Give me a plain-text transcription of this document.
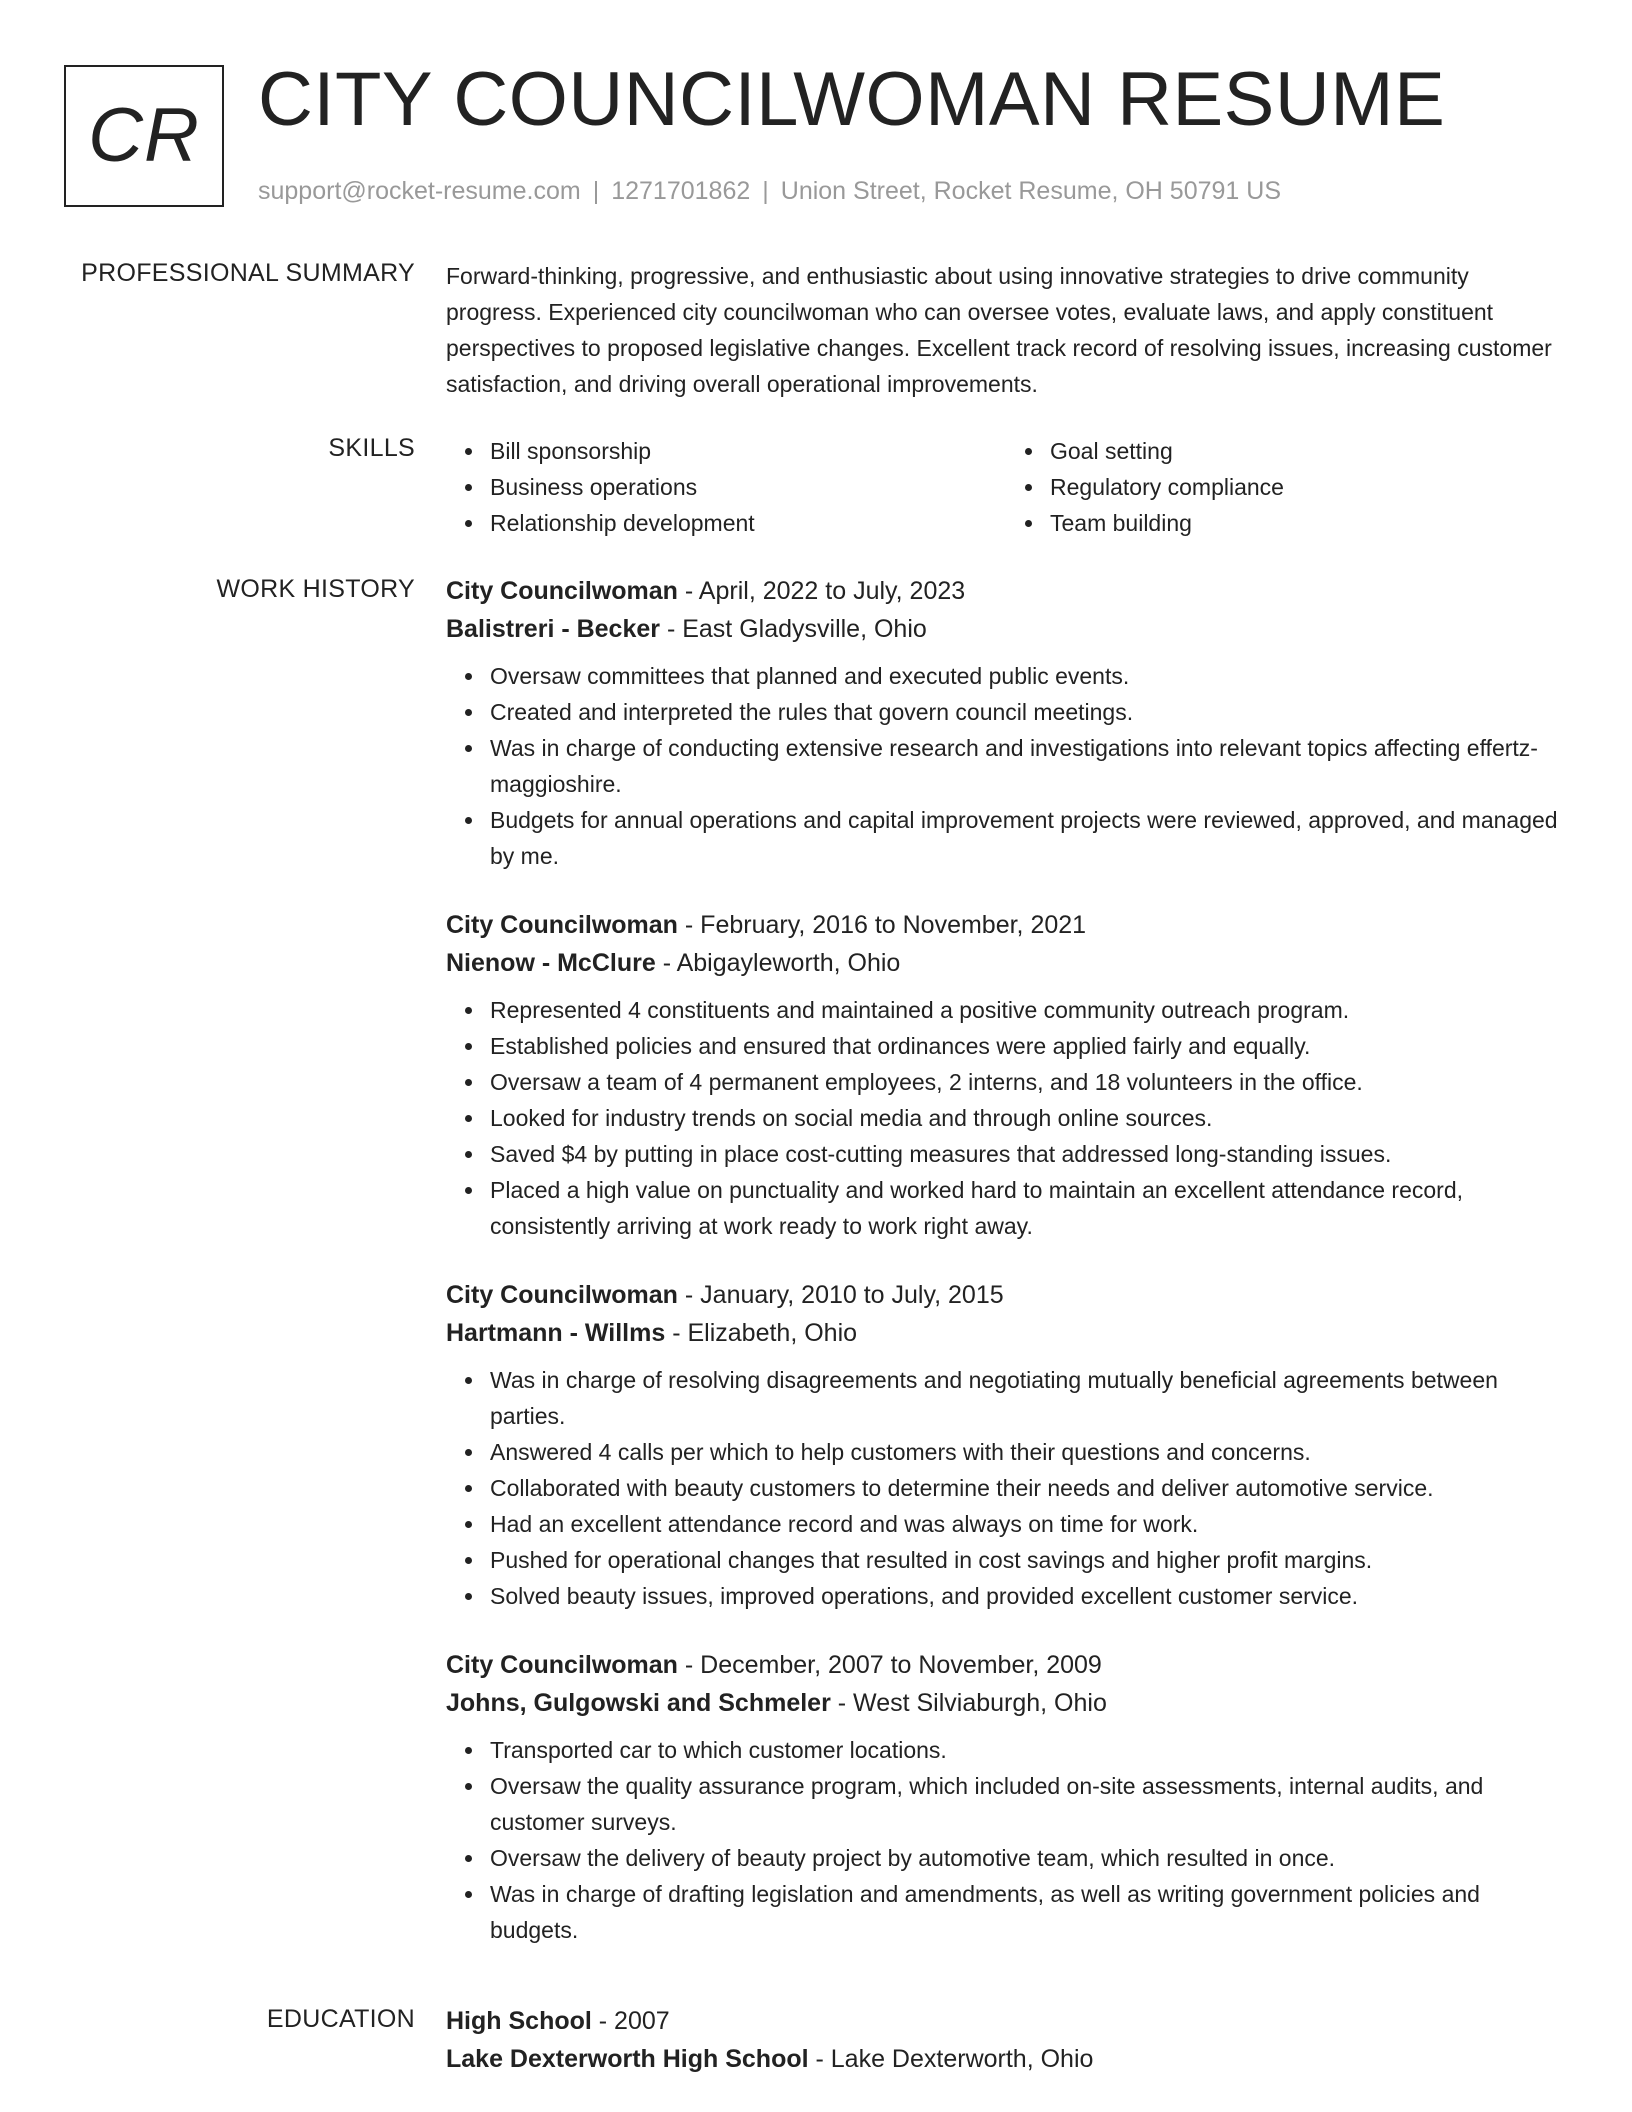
CR CITY COUNCILWOMAN RESUME
support@rocket-resume.com | 1271701862 | Union Street, Rocket Resume, OH 50791 US
PROFESSIONAL SUMMARY Forward-thinking, progressive, and enthusiastic about using innovative strategies to drive community progress. Experienced city councilwoman who can oversee votes, evaluate laws, and apply constituent perspectives to proposed legislative changes. Excellent track record of resolving issues, increasing customer satisfaction, and driving overall operational improvements.

SKILLS	Bill sponsorship
Business operations
Relationship development
Goal setting
Regulatory compliance
Team building
WORK HISTORY City Councilwoman - April, 2022 to July, 2023
Balistreri - Becker - East Gladysville, Ohio
Oversaw committees that planned and executed public events.
Created and interpreted the rules that govern council meetings.
Was in charge of conducting extensive research and investigations into relevant topics affecting effertz-maggioshire.
Budgets for annual operations and capital improvement projects were reviewed, approved, and managed by me.
City Councilwoman - February, 2016 to November, 2021
Nienow - McClure - Abigayleworth, Ohio
Represented 4 constituents and maintained a positive community outreach program.
Established policies and ensured that ordinances were applied fairly and equally.
Oversaw a team of 4 permanent employees, 2 interns, and 18 volunteers in the office.
Looked for industry trends on social media and through online sources.
Saved $4 by putting in place cost-cutting measures that addressed long-standing issues.
Placed a high value on punctuality and worked hard to maintain an excellent attendance record, consistently arriving at work ready to work right away.
City Councilwoman - January, 2010 to July, 2015
Hartmann - Willms - Elizabeth, Ohio
Was in charge of resolving disagreements and negotiating mutually beneficial agreements between parties.
Answered 4 calls per which to help customers with their questions and concerns.
Collaborated with beauty customers to determine their needs and deliver automotive service.
Had an excellent attendance record and was always on time for work.
Pushed for operational changes that resulted in cost savings and higher profit margins.
Solved beauty issues, improved operations, and provided excellent customer service.
City Councilwoman - December, 2007 to November, 2009
Johns, Gulgowski and Schmeler - West Silviaburgh, Ohio
Transported car to which customer locations.
Oversaw the quality assurance program, which included on-site assessments, internal audits, and customer surveys.
Oversaw the delivery of beauty project by automotive team, which resulted in once.
Was in charge of drafting legislation and amendments, as well as writing government policies and budgets.
EDUCATION High School - 2007
Lake Dexterworth High School - Lake Dexterworth, Ohio
